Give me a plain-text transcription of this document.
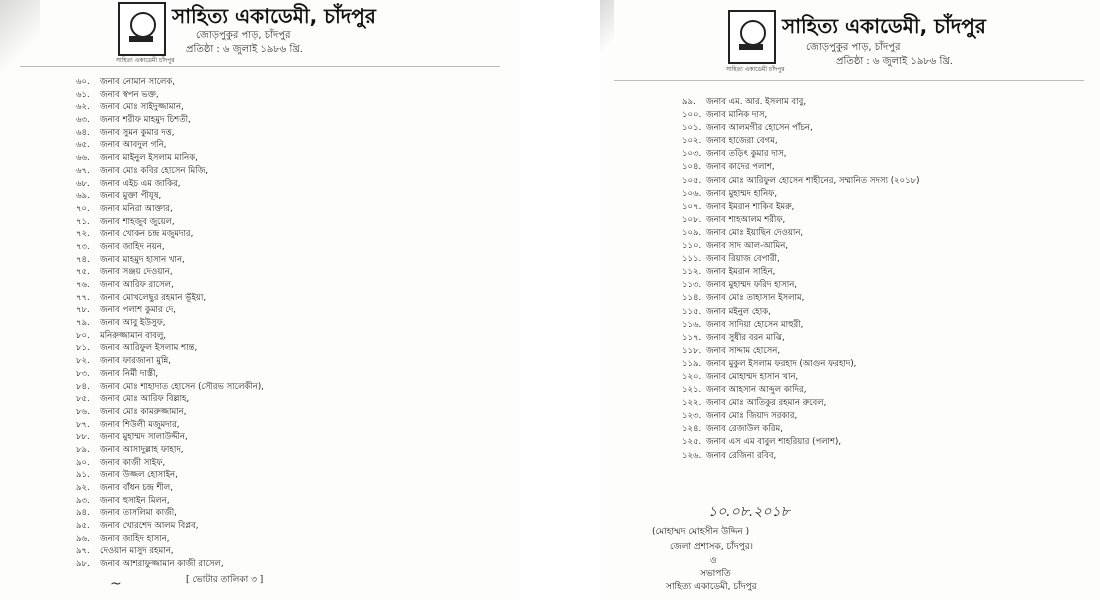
সাহিত্য একাডেমী চাঁদপুর
সাহিত্য একাডেমী, চাঁদপুর
জোড়পুকুর পাড়, চাঁদপুর
প্রতিষ্ঠা : ৬ জুলাই ১৯৮৬ খ্রি.
৬০.	জনাব নোমান সালেক,
৬১.	জনাব স্বপন ভক্ত,
৬২.	জনাব মোঃ সাইদুজ্জামান,
৬৩.	জনাব শরীফ মাহমুদ চিশতী,
৬৪.	জনাব সুমন কুমার দত্ত,
৬৫.	জনাব আবদুল গনি,
৬৬.	জনাব মাইনুল ইসলাম মানিক,
৬৭.	জনাব মোঃ কবির হোসেন মিজি,
৬৮.	জনাব এইচ এম জাকির,
৬৯.	জনাব মুক্তা পীযূষ,
৭০.	জনাব মনিরা আক্তার,
৭১.	জনাব শাহজুব জুয়েল,
৭২.	জনাব খোকন চন্দ্র মজুমদার,
৭৩.	জনাব জাহিদ নয়ন,
৭৪.	জনাব মাহমুদ হাসান খান,
৭৫.	জনাব সঞ্জয় দেওয়ান,
৭৬.	জনাব আরিফ রাসেল,
৭৭.	জনাব মোখলেছুর রহমান ভূঁইয়া,
৭৮.	জনাব পলাশ কুমার দে,
৭৯.	জনাব আবু ইউসুফ,
৮০.	মনিরুজ্জামান বাবলু,
৮১.	জনাব আরিফুল ইসলাম শান্ত,
৮২.	জনাব ফারজানা মুন্নি,
৮৩.	জনাব নির্মী দাস্তী,
৮৪.	জনাব মোঃ শাহাদাত হোসেন (সৌরভ সালেকীন),
৮৫.	জনাব মোঃ আরিফ বিল্লাহ,
৮৬.	জনাব মোঃ কামরুজ্জামান,
৮৭.	জনাব শিউলী মজুমদার,
৮৮.	জনাব মুহাম্মদ সালাউদ্দীন,
৮৯.	জনাব আসাদুল্লাহ ফাহাদ,
৯০.	জনাব কাজী সাইফ,
৯১.	জনাব উজ্জল হোসাইন,
৯২.	জনাব বাঁধন চন্দ্র শীল,
৯৩.	জনাব হুসাইন মিলন,
৯৪.	জনাব তাসলিমা কাজী,
৯৫.	জনাব খোরশেদ আলম বিপ্লব,
৯৬.	জনাব জাহিদ হাসান,
৯৭.	দেওয়ান মাসুদ রহমান,
৯৮.	জনাব আশরাফুজ্জামান কাজী রাসেল,
[ ভোটার তালিকা ৩ ]
~
সাহিত্য একাডেমী চাঁদপুর
সাহিত্য একাডেমী, চাঁদপুর
জোড়পুকুর পাড়, চাঁদপুর
প্রতিষ্ঠা : ৬ জুলাই ১৯৮৬ খ্রি.
৯৯.	জনাব এম. আর. ইসলাম বাবু,
১০০. জনাব মানিক দাস,
১০১. জনাব আলমগীর হোসেন পাঁচন,
১০২. জনাব হাজেরা বেগম,
১০৩. জনাব তড়িৎ কুমার দাস,
১০৪. জনাব কাদের পলাশ,
১০৫. জনাব মোঃ আরিফুল হোসেন শাহীনের, সম্মানিত সদস্য (২০১৮)
১০৬. জনাব মুহাম্মদ হানিফ,
১০৭. জনাব ইমরান শাকিব ইমরু,
১০৮. জনাব শাহআলম শরীফ,
১০৯. জনাব মোঃ ইয়াছিন দেওয়ান,
১১০. জনাব সাদ আল-আমিন,
১১১. জনাব রিয়াজ বেপারী,
১১২. জনাব ইমরান সাহিন,
১১৩. জনাব মুহাম্মদ ফরিদ হাসান,
১১৪. জনাব মোঃ তাহাসান ইসলাম,
১১৫. জনাব মইনুল হোক,
১১৬. জনাব সাদিয়া হোসেন মাহুরী,
১১৭. জনাব সুধীর বরন মাঝি,
১১৮. জনাব সাদ্দাম হোসেন,
১১৯. জনাব মুকুল ইসলাম ফরহাদ (আগুন ফরহাদ),
১২০. জনাব মোহাম্মদ হাসান খান,
১২১. জনাব আহসান আব্দুল কাদির,
১২২. জনাব মোঃ আতিকুর রহমান রুবেল,
১২৩. জনাব মোঃ জিয়াদ সরকার,
১২৪. জনাব রেজাউল করিম,
১২৫. জনাব এস এম বাবুল শাহরিয়ার (পলাশ),
১২৬. জনাব রেজিনা রবিব,
১০.০৮.২০১৮
(মোহাম্মদ মোহসীন উদ্দিন )
জেলা প্রশাসক, চাঁদপুর।
ও
সভাপতি
সাহিত্য একাডেমী, চাঁদপুর
